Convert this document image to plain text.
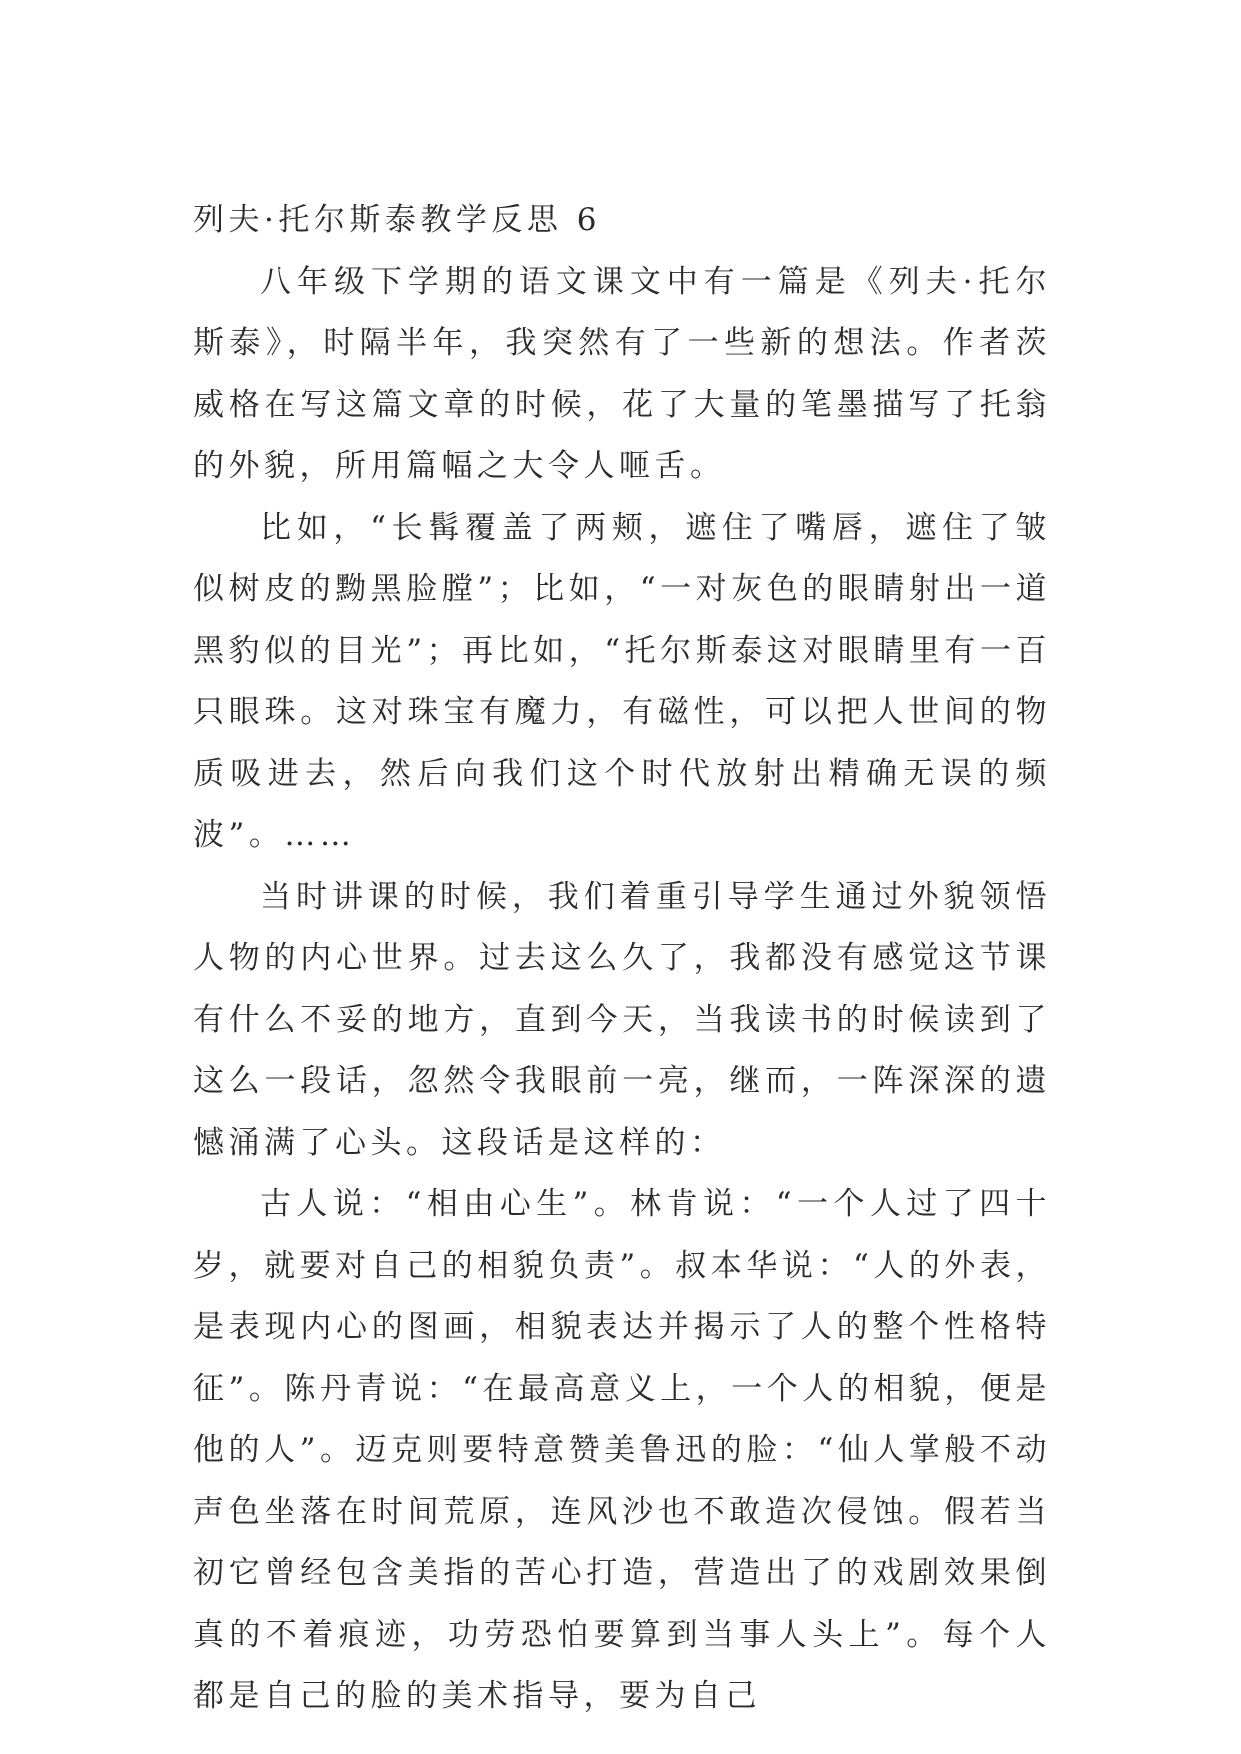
列夫·托尔斯泰教学反思 6

八年级下学期的语文课文中有一篇是《列夫·托尔斯泰》，时隔半年，我突然有了一些新的想法。作者茨威格在写这篇文章的时候，花了大量的笔墨描写了托翁的外貌，所用篇幅之大令人咂舌。

比如，“长髯覆盖了两颊，遮住了嘴唇，遮住了皱似树皮的黝黑脸膛”；比如，“一对灰色的眼睛射出一道黑豹似的目光”；再比如，“托尔斯泰这对眼睛里有一百只眼珠。这对珠宝有魔力，有磁性，可以把人世间的物质吸进去，然后向我们这个时代放射出精确无误的频波”。……

当时讲课的时候，我们着重引导学生通过外貌领悟人物的内心世界。过去这么久了，我都没有感觉这节课有什么不妥的地方，直到今天，当我读书的时候读到了这么一段话，忽然令我眼前一亮，继而，一阵深深的遗憾涌满了心头。这段话是这样的：

古人说：“相由心生”。林肯说：“一个人过了四十岁，就要对自己的相貌负责”。叔本华说：“人的外表，是表现内心的图画，相貌表达并揭示了人的整个性格特征”。陈丹青说：“在最高意义上，一个人的相貌，便是他的人”。迈克则要特意赞美鲁迅的脸：“仙人掌般不动声色坐落在时间荒原，连风沙也不敢造次侵蚀。假若当初它曾经包含美指的苦心打造，营造出了的戏剧效果倒真的不着痕迹，功劳恐怕要算到当事人头上”。每个人都是自己的脸的美术指导，要为自己
